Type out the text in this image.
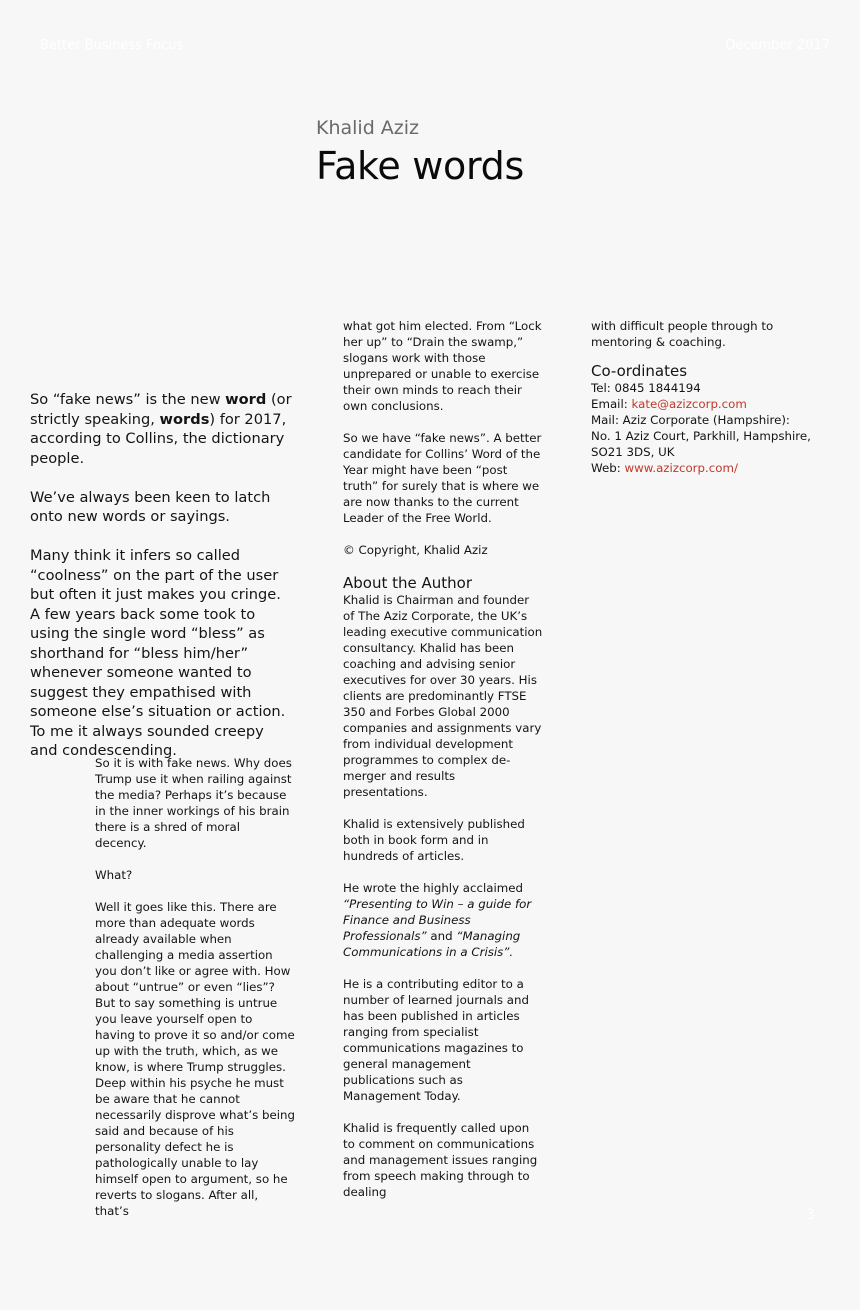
Better Business Focus	December 2017
Khalid Aziz
Fake words

So “fake news” is the new word (or strictly speaking, words) for 2017, according to Collins, the dictionary people.

We’ve always been keen to latch onto new words or sayings.

Many think it infers so called “coolness” on the part of the user but often it just makes you cringe. A few years back some took to using the single word “bless” as shorthand for “bless him/her” whenever someone wanted to suggest they empathised with someone else’s situation or action. To me it always sounded creepy and condescending.

So it is with fake news. Why does Trump use it when railing against the media? Perhaps it’s because in the inner workings of his brain there is a shred of moral decency.

What?

Well it goes like this. There are more than adequate words already available when challenging a media assertion you don’t like or agree with. How about “untrue” or even “lies”? But to say something is untrue you leave yourself open to having to prove it so and/or come up with the truth, which, as we know, is where Trump struggles. Deep within his psyche he must be aware that he cannot necessarily disprove what’s being said and because of his personality defect he is pathologically unable to lay himself open to argument, so he reverts to slogans. After all, that’s

what got him elected. From “Lock her up” to “Drain the swamp,” slogans work with those unprepared or unable to exercise their own minds to reach their own conclusions.

So we have “fake news”. A better candidate for Collins’ Word of the Year might have been “post truth” for surely that is where we are now thanks to the current Leader of the Free World.

© Copyright, Khalid Aziz

About the Author

Khalid is Chairman and founder of The Aziz Corporate, the UK’s leading executive communication consultancy. Khalid has been coaching and advising senior executives for over 30 years. His clients are predominantly FTSE 350 and Forbes Global 2000 companies and assignments vary from individual development programmes to complex de-merger and results presentations.

Khalid is extensively published both in book form and in hundreds of articles.

He wrote the highly acclaimed “Presenting to Win – a guide for Finance and Business Professionals” and “Managing Communications in a Crisis”.

He is a contributing editor to a number of learned journals and has been published in articles ranging from specialist communications magazines to general management publications such as Management Today.

Khalid is frequently called upon to comment on communications and management issues ranging from speech making through to dealing

with difficult people through to mentoring & coaching.

Co-ordinates
Tel: 0845 1844194
Email: kate@azizcorp.com
Mail: Aziz Corporate (Hampshire):
No. 1 Aziz Court, Parkhill, Hampshire, SO21 3DS, UK
Web: www.azizcorp.com/
3
